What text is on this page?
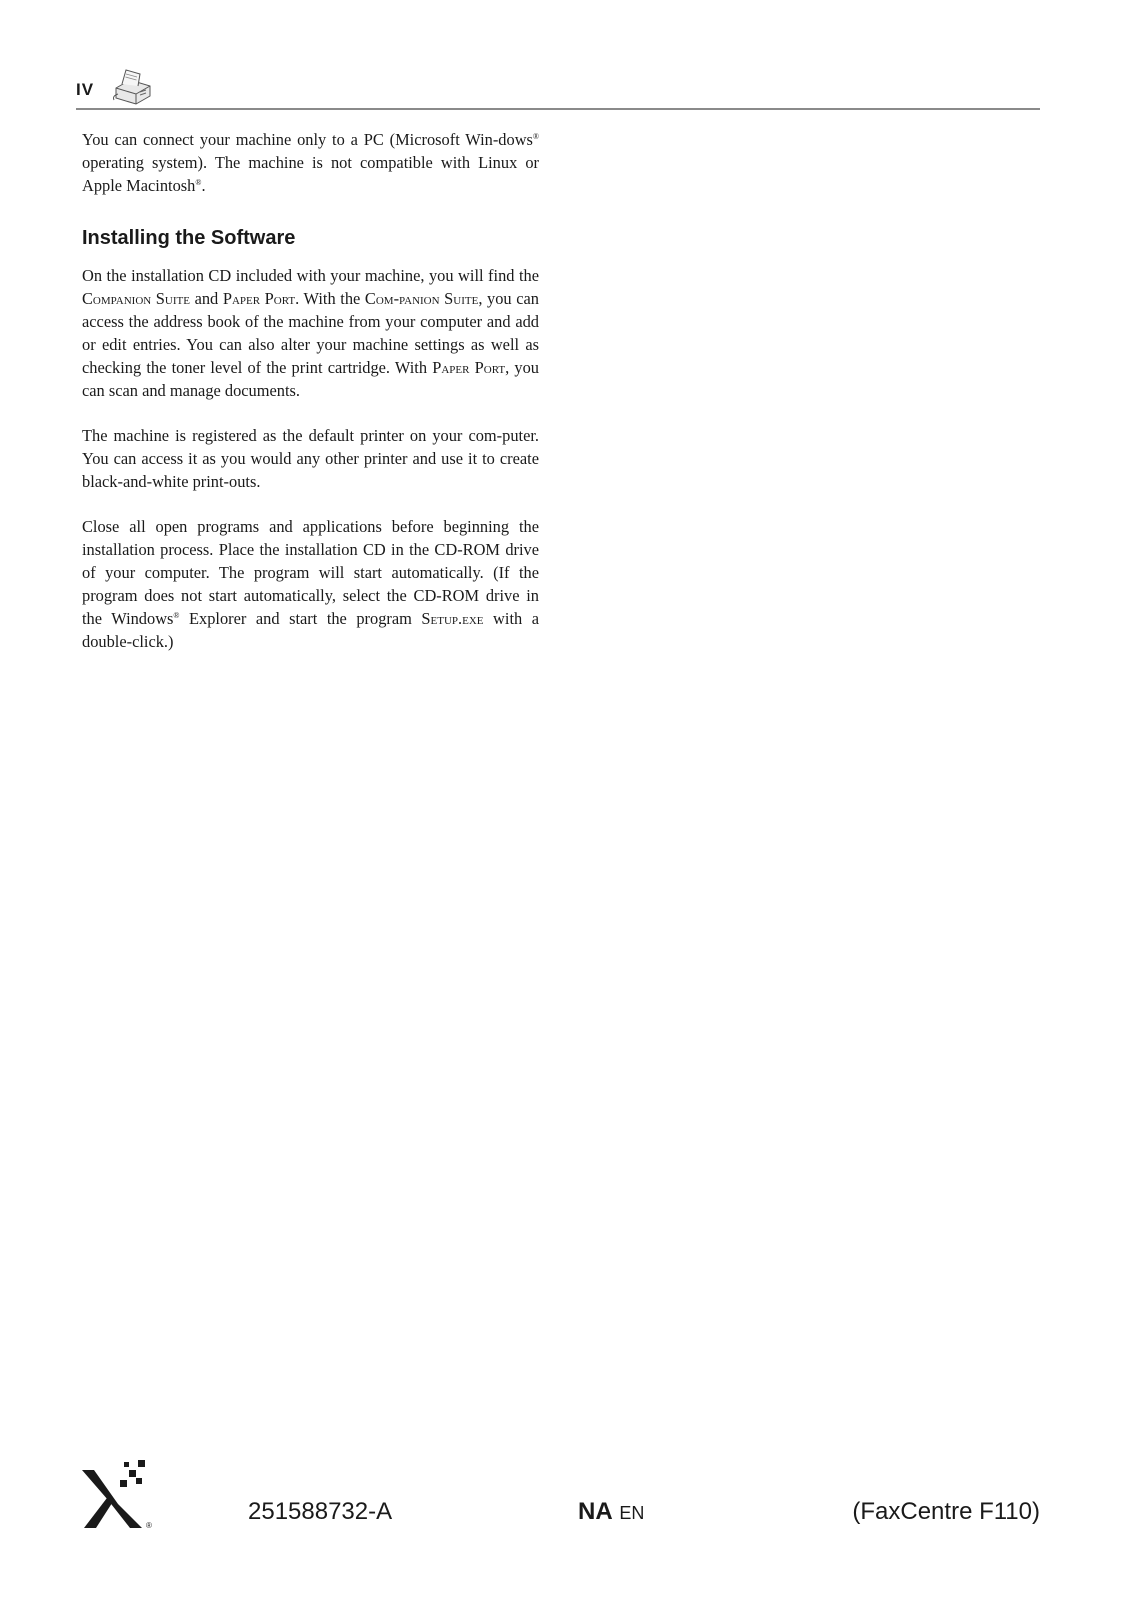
IV

You can connect your machine only to a PC (Microsoft Win-dows® operating system). The machine is not compatible with Linux or Apple Macintosh®.

Installing the Software

On the installation CD included with your machine, you will find the Companion Suite and Paper Port. With the Com-panion Suite, you can access the address book of the machine from your computer and add or edit entries. You can also alter your machine settings as well as checking the toner level of the print cartridge. With Paper Port, you can scan and manage documents.

The machine is registered as the default printer on your com-puter. You can access it as you would any other printer and use it to create black-and-white print-outs.

Close all open programs and applications before beginning the installation process. Place the installation CD in the CD-ROM drive of your computer. The program will start automatically. (If the program does not start automatically, select the CD-ROM drive in the Windows® Explorer and start the program Setup.exe with a double-click.)

®
251588732-A	NA EN	(FaxCentre F110)
